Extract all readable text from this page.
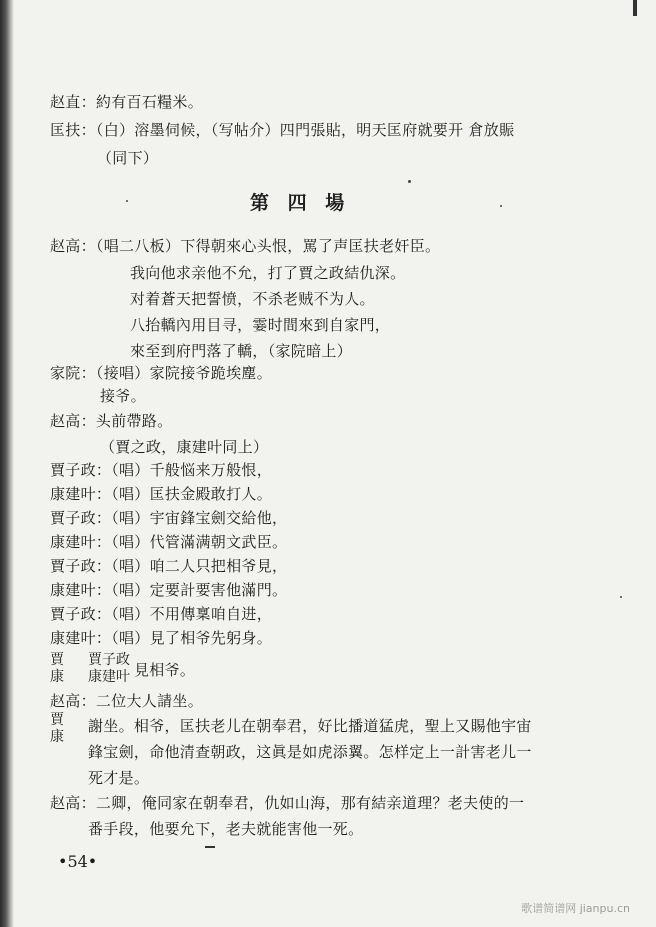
赵直：約有百石糧米。
匡扶：（白）溶墨伺候，（写帖介）四門張貼，明天匡府就要开 倉放賑
（同下）
第 四 場
赵高：（唱二八板）下得朝來心头恨，罵了声匡扶老奸臣。
我向他求亲他不允，打了賈之政結仇深。
对着蒼天把誓愤，不杀老贼不为人。
八抬轎內用目寻，霎时間來到自家門，
來至到府門落了轎，（家院暗上）
家院：（接唱）家院接爷跪埃塵。
接爷。
赵高：头前帶路。
（賈之政，康建叶同上）
賈子政：（唱）千般悩来万般恨，
康建叶：（唱）匡扶金殿敢打人。
賈子政：（唱）宇宙鋒宝劍交給他，
康建叶：（唱）代管滿满朝文武臣。
賈子政：（唱）咱二人只把相爷見，
康建叶：（唱）定要計要害他滿門。
賈子政：（唱）不用傳稟咱自进，
康建叶：（唱）見了相爷先躬身。
賈
康
賈子政
康建叶 見相爷。
赵高：二位大人請坐。
賈
康
謝坐。相爷，匡扶老儿在朝奉君，好比播道猛虎，聖上又賜他宇宙
鋒宝劍，命他清查朝政，这眞是如虎添翼。怎样定上一計害老儿一
死才是。
赵高：二卿，俺同家在朝奉君，仇如山海，那有結亲道理？老夫使的一
番手段，他要允下，老夫就能害他一死。
•54•
歌谱简谱网 jianpu.cn
